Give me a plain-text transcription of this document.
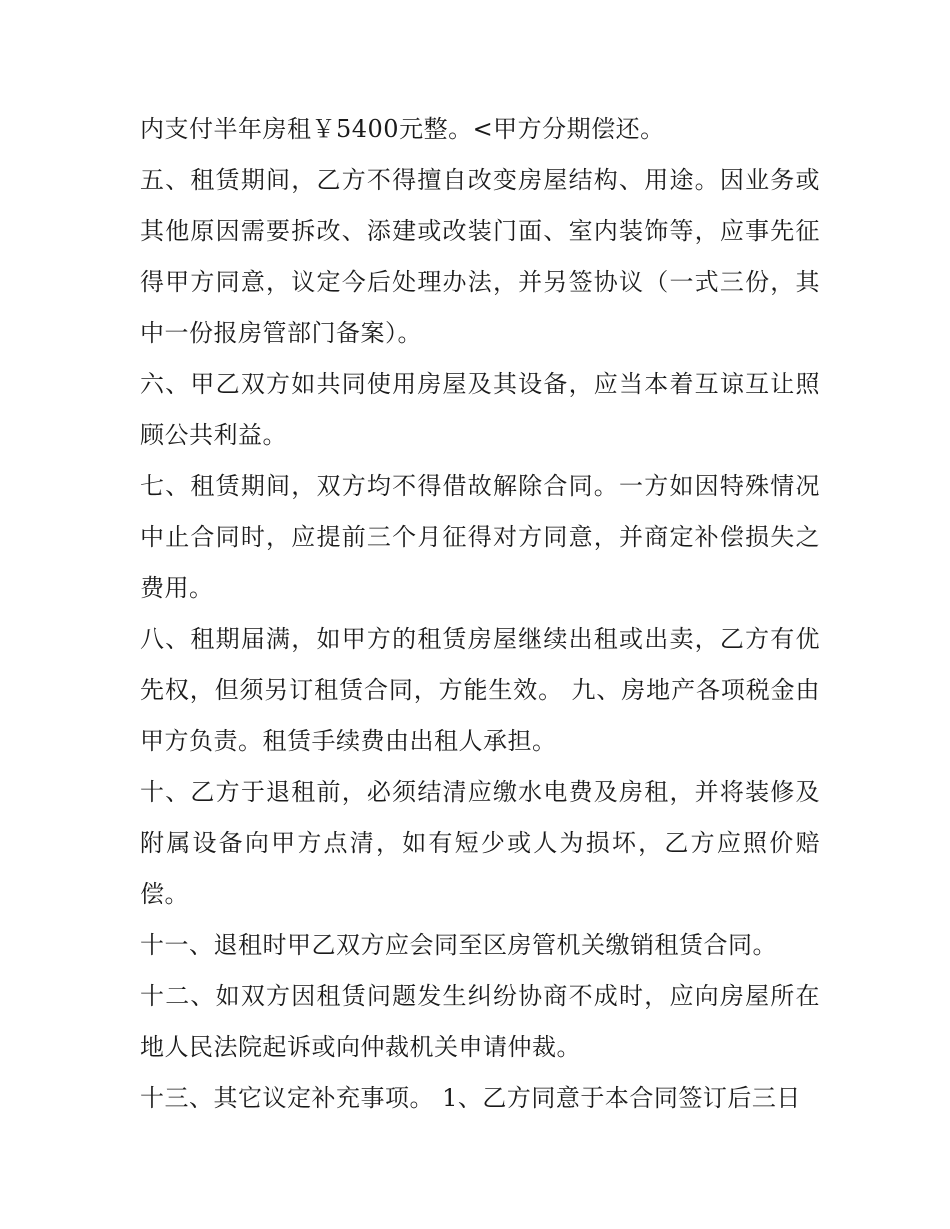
内支付半年房租￥5400元整。<甲方分期偿还。

五、租赁期间，乙方不得擅自改变房屋结构、用途。因业务或其他原因需要拆改、添建或改装门面、室内装饰等，应事先征得甲方同意，议定今后处理办法，并另签协议（一式三份，其中一份报房管部门备案）。

六、甲乙双方如共同使用房屋及其设备，应当本着互谅互让照顾公共利益。

七、租赁期间，双方均不得借故解除合同。一方如因特殊情况中止合同时，应提前三个月征得对方同意，并商定补偿损失之费用。

八、租期届满，如甲方的租赁房屋继续出租或出卖，乙方有优先权，但须另订租赁合同，方能生效。 九、房地产各项税金由甲方负责。租赁手续费由出租人承担。

十、乙方于退租前，必须结清应缴水电费及房租，并将装修及附属设备向甲方点清，如有短少或人为损坏，乙方应照价赔偿。

十一、退租时甲乙双方应会同至区房管机关缴销租赁合同。

十二、如双方因租赁问题发生纠纷协商不成时，应向房屋所在地人民法院起诉或向仲裁机关申请仲裁。

十三、其它议定补充事项。 1、乙方同意于本合同签订后三日
